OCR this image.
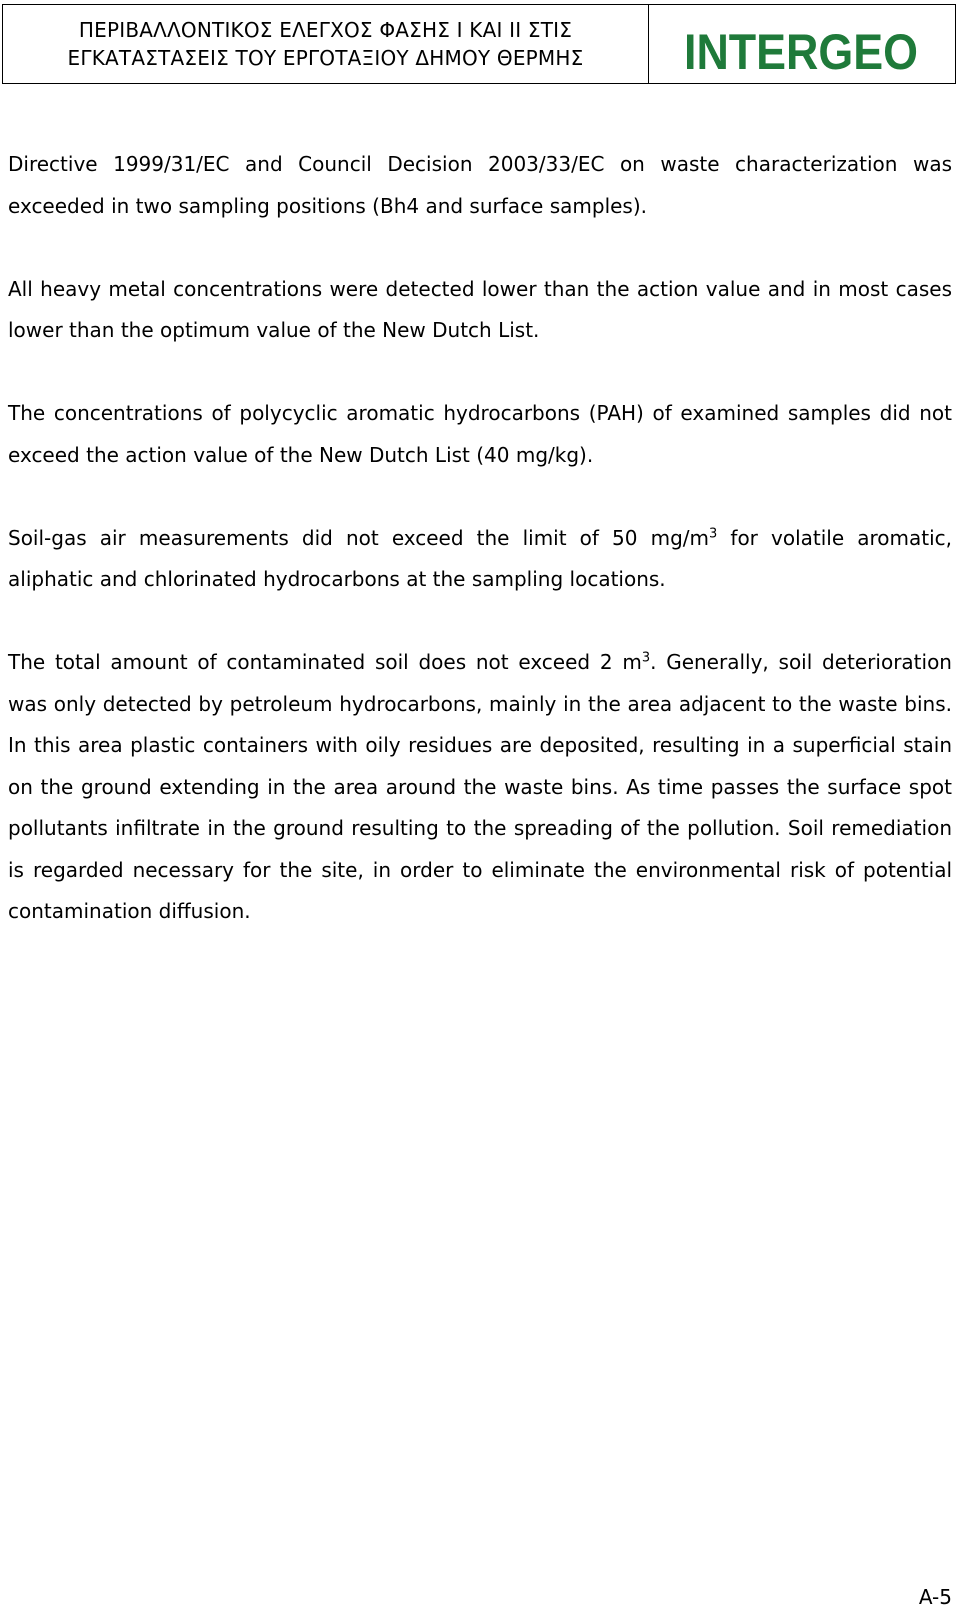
ΠΕΡΙΒΑΛΛΟΝΤΙΚΟΣ ΕΛΕΓΧΟΣ ΦΑΣΗΣ Ι ΚΑΙ ΙΙ ΣΤΙΣ
ΕΓΚΑΤΑΣΤΑΣΕΙΣ ΤΟΥ ΕΡΓΟΤΑΞΙΟΥ ΔΗΜΟΥ ΘΕΡΜΗΣ INTERGEO

Directive 1999/31/EC and Council Decision 2003/33/EC on waste characterization was exceeded in two sampling positions (Bh4 and surface samples).

All heavy metal concentrations were detected lower than the action value and in most cases lower than the optimum value of the New Dutch List.

The concentrations of polycyclic aromatic hydrocarbons (PAH) of examined samples did not exceed the action value of the New Dutch List (40 mg/kg).

Soil-gas air measurements did not exceed the limit of 50 $mg/m^3$ for volatile aromatic, aliphatic and chlorinated hydrocarbons at the sampling locations.

The total amount of contaminated soil does not exceed 2 $m^3$. Generally, soil deterioration was only detected by petroleum hydrocarbons, mainly in the area adjacent to the waste bins. In this area plastic containers with oily residues are deposited, resulting in a superficial stain on the ground extending in the area around the waste bins. As time passes the surface spot pollutants infiltrate in the ground resulting to the spreading of the pollution. Soil remediation is regarded necessary for the site, in order to eliminate the environmental risk of potential contamination diffusion.

A-5
